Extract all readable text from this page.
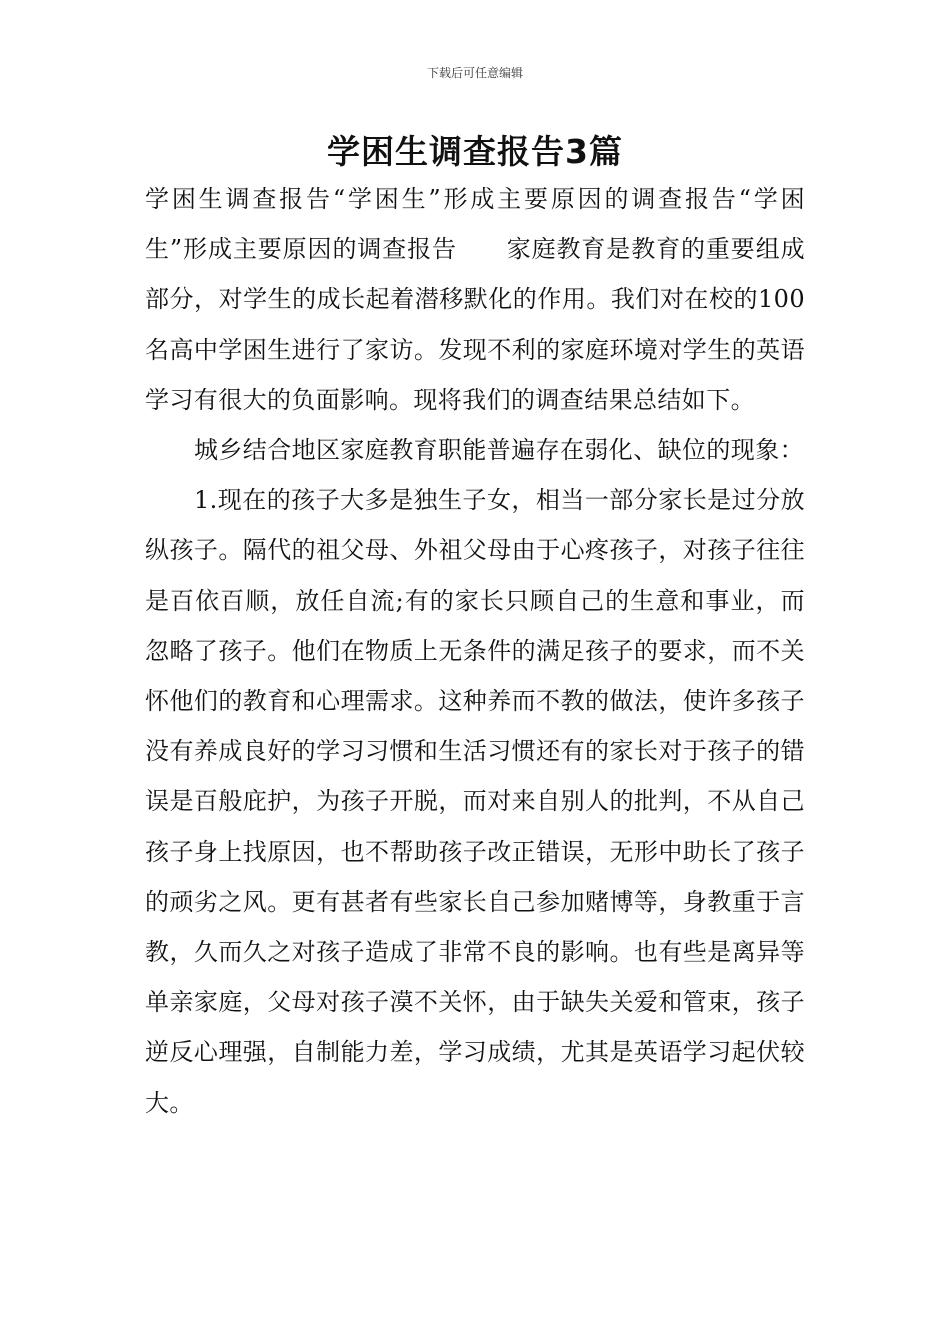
下载后可任意编辑
学困生调查报告3篇

学困生调查报告“学困生”形成主要原因的调查报告“学困生”形成主要原因的调查报告　　家庭教育是教育的重要组成部分，对学生的成长起着潜移默化的作用。我们对在校的100名高中学困生进行了家访。发现不利的家庭环境对学生的英语学习有很大的负面影响。现将我们的调查结果总结如下。

城乡结合地区家庭教育职能普遍存在弱化、缺位的现象：

1.现在的孩子大多是独生子女，相当一部分家长是过分放纵孩子。隔代的祖父母、外祖父母由于心疼孩子，对孩子往往是百依百顺，放任自流;有的家长只顾自己的生意和事业，而忽略了孩子。他们在物质上无条件的满足孩子的要求，而不关怀他们的教育和心理需求。这种养而不教的做法，使许多孩子没有养成良好的学习习惯和生活习惯还有的家长对于孩子的错误是百般庇护，为孩子开脱，而对来自别人的批判，不从自己孩子身上找原因，也不帮助孩子改正错误，无形中助长了孩子的顽劣之风。更有甚者有些家长自己参加赌博等，身教重于言教，久而久之对孩子造成了非常不良的影响。也有些是离异等单亲家庭，父母对孩子漠不关怀，由于缺失关爱和管束，孩子逆反心理强，自制能力差，学习成绩，尤其是英语学习起伏较大。
